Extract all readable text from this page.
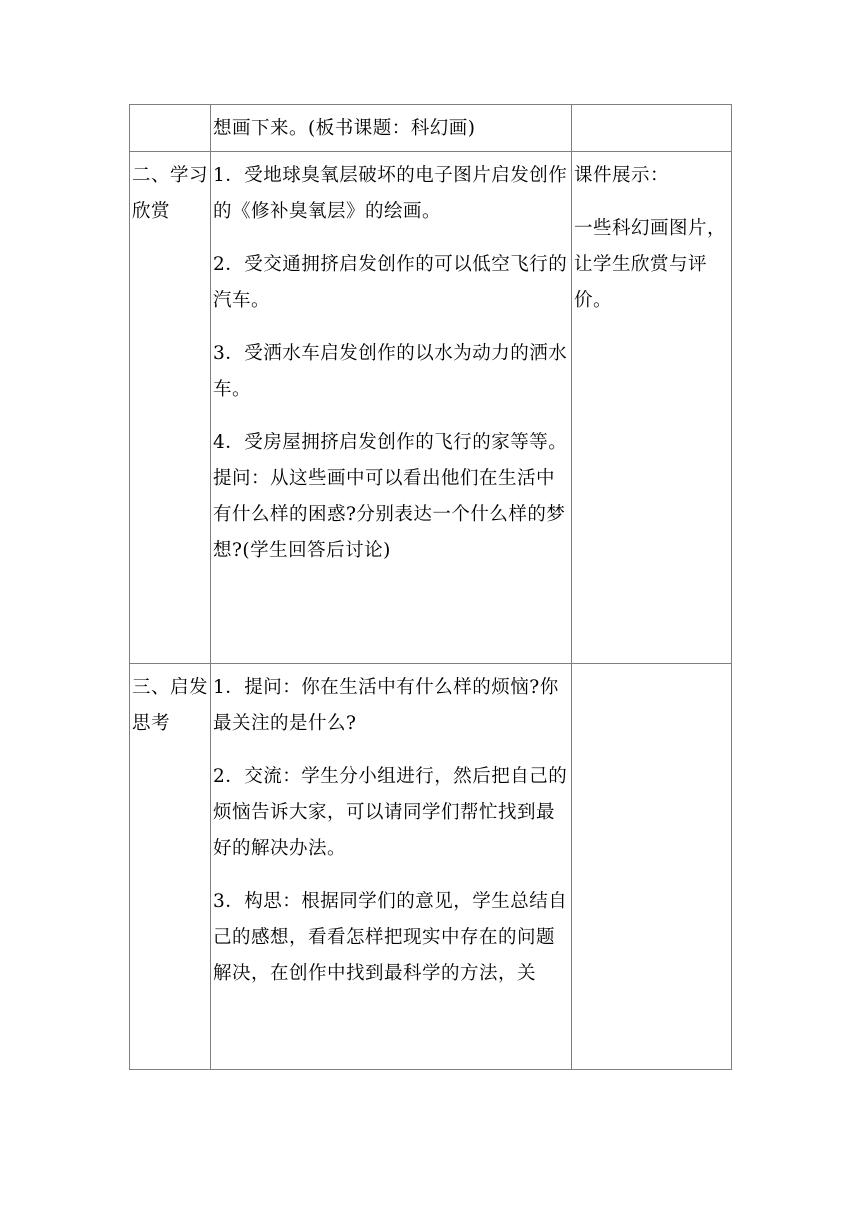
	想画下来。(板书课题：科幻画)	

二、学习欣赏	1．受地球臭氧层破坏的电子图片启发创作的《修补臭氧层》的绘画。
2．受交通拥挤启发创作的可以低空飞行的汽车。
3．受洒水车启发创作的以水为动力的洒水车。
4．受房屋拥挤启发创作的飞行的家等等。提问：从这些画中可以看出他们在生活中有什么样的困惑?分别表达一个什么样的梦想?(学生回答后讨论)	课件展示：
一些科幻画图片，让学生欣赏与评价。

三、启发思考	1．提问：你在生活中有什么样的烦恼?你最关注的是什么?
2．交流：学生分小组进行，然后把自己的烦恼告诉大家，可以请同学们帮忙找到最好的解决办法。
3．构思：根据同学们的意见，学生总结自己的感想，看看怎样把现实中存在的问题解决，在创作中找到最科学的方法，关	
